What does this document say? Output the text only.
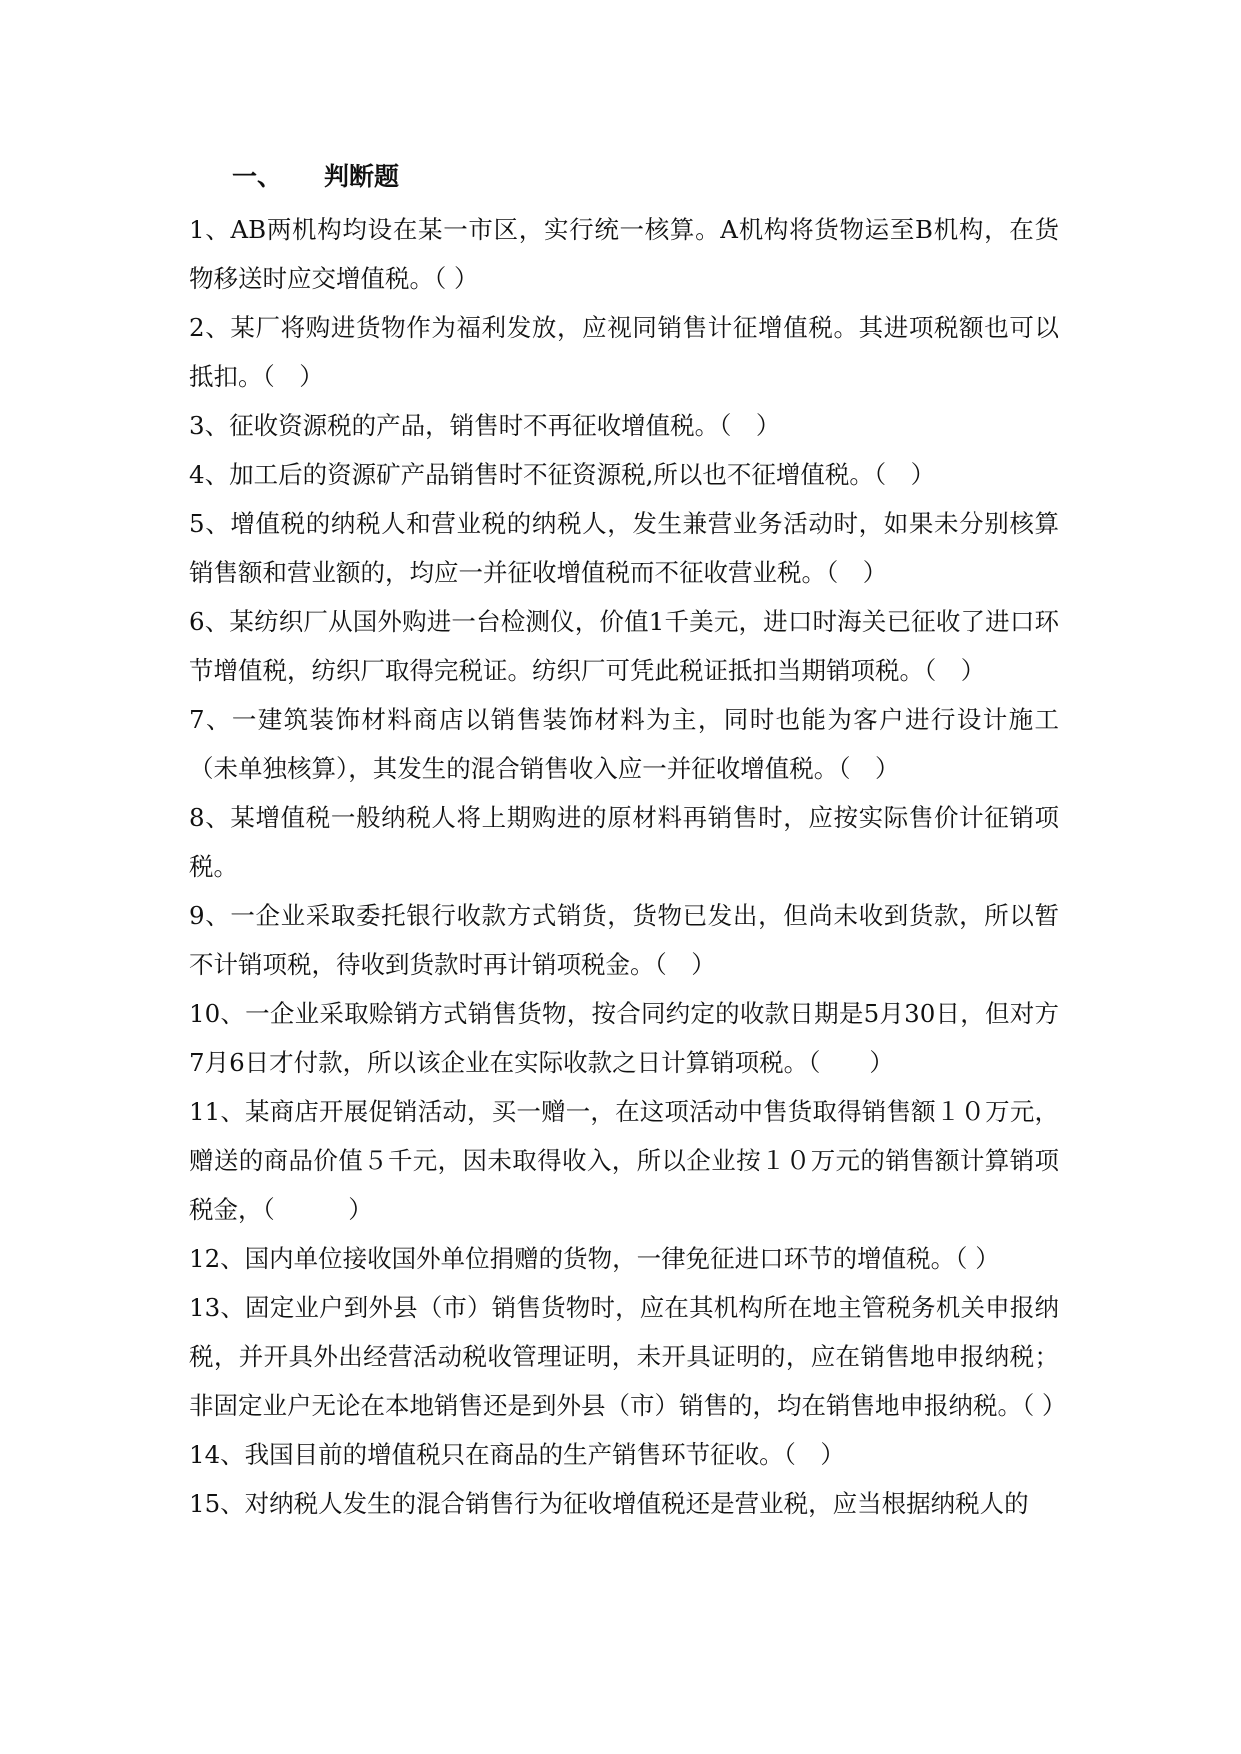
一、 判断题

1、AB两机构均设在某一市区，实行统一核算。A机构将货物运至B机构，在货物移送时应交增值税。（ ）

2、某厂将购进货物作为福利发放，应视同销售计征增值税。其进项税额也可以抵扣。（　）

3、征收资源税的产品，销售时不再征收增值税。（　）

4、加工后的资源矿产品销售时不征资源税,所以也不征增值税。（　）

5、增值税的纳税人和营业税的纳税人，发生兼营业务活动时，如果未分别核算销售额和营业额的，均应一并征收增值税而不征收营业税。（　）

6、某纺织厂从国外购进一台检测仪，价值1千美元，进口时海关已征收了进口环节增值税，纺织厂取得完税证。纺织厂可凭此税证抵扣当期销项税。（　）

7、一建筑装饰材料商店以销售装饰材料为主，同时也能为客户进行设计施工（未单独核算），其发生的混合销售收入应一并征收增值税。（　）

8、某增值税一般纳税人将上期购进的原材料再销售时，应按实际售价计征销项税。

9、一企业采取委托银行收款方式销货，货物已发出，但尚未收到货款，所以暂不计销项税，待收到货款时再计销项税金。（　）

10、一企业采取赊销方式销售货物，按合同约定的收款日期是5月30日，但对方7月6日才付款，所以该企业在实际收款之日计算销项税。（　　）

11、某商店开展促销活动，买一赠一，在这项活动中售货取得销售额１０万元，赠送的商品价值５千元，因未取得收入，所以企业按１０万元的销售额计算销项税金，（　　　）

12、国内单位接收国外单位捐赠的货物，一律免征进口环节的增值税。（ ）

13、固定业户到外县（市）销售货物时，应在其机构所在地主管税务机关申报纳税，并开具外出经营活动税收管理证明，未开具证明的，应在销售地申报纳税；非固定业户无论在本地销售还是到外县（市）销售的，均在销售地申报纳税。（ ）

14、我国目前的增值税只在商品的生产销售环节征收。（　）

15、对纳税人发生的混合销售行为征收增值税还是营业税，应当根据纳税人的
